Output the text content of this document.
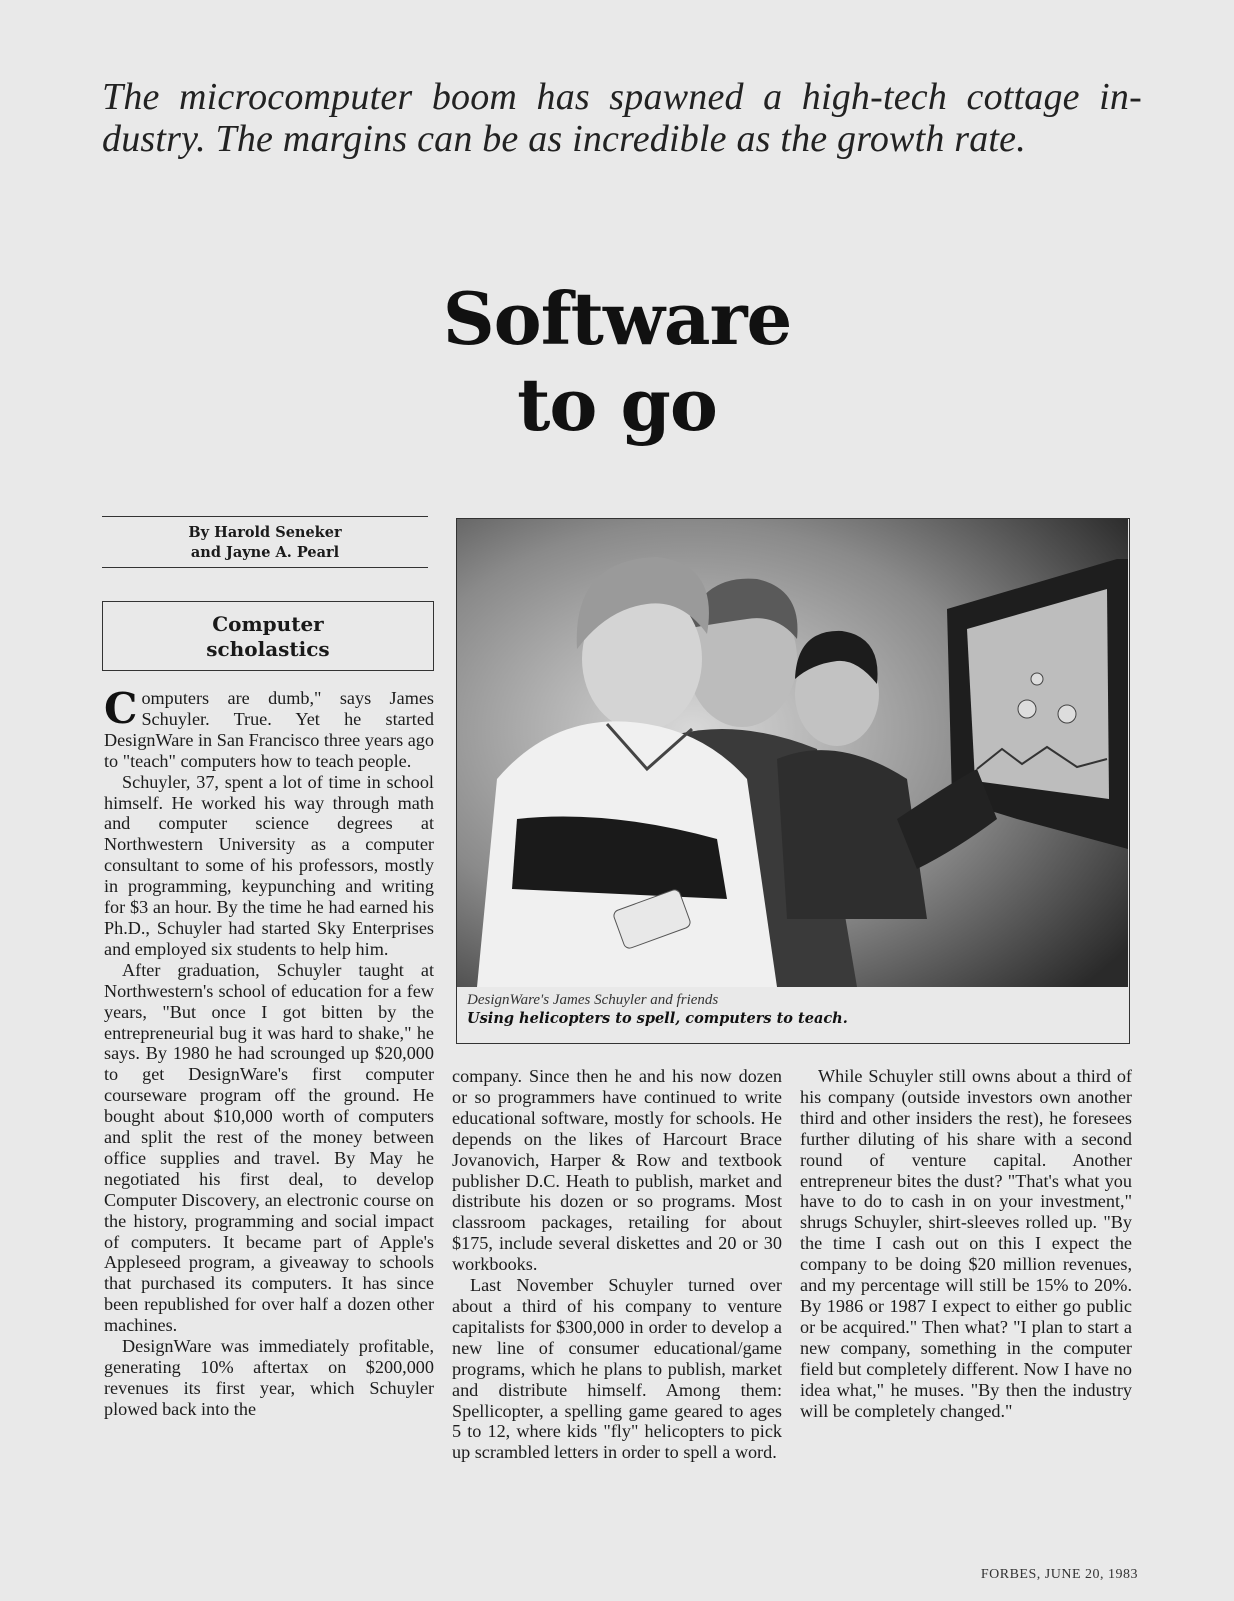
The microcomputer boom has spawned a high-tech cottage in-dustry. The margins can be as incredible as the growth rate.
Software
to go
By Harold Seneker
and Jayne A. Pearl
Computer
scholastics

Computers are dumb," says James Schuyler. True. Yet he started DesignWare in San Francisco three years ago to "teach" computers how to teach people.

Schuyler, 37, spent a lot of time in school himself. He worked his way through math and computer science degrees at Northwestern University as a computer consultant to some of his professors, mostly in programming, keypunching and writing for $3 an hour. By the time he had earned his Ph.D., Schuyler had started Sky Enterprises and employed six students to help him.

After graduation, Schuyler taught at Northwestern's school of education for a few years, "But once I got bitten by the entrepreneurial bug it was hard to shake," he says. By 1980 he had scrounged up $20,000 to get DesignWare's first computer courseware program off the ground. He bought about $10,000 worth of computers and split the rest of the money between office supplies and travel. By May he negotiated his first deal, to develop Computer Discovery, an electronic course on the history, programming and social impact of computers. It became part of Apple's Appleseed program, a giveaway to schools that purchased its computers. It has since been republished for over half a dozen other machines.

DesignWare was immediately profitable, generating 10% aftertax on $200,000 revenues its first year, which Schuyler plowed back into the

DesignWare's James Schuyler and friends
Using helicopters to spell, computers to teach.

company. Since then he and his now dozen or so programmers have continued to write educational software, mostly for schools. He depends on the likes of Harcourt Brace Jovanovich, Harper & Row and textbook publisher D.C. Heath to publish, market and distribute his dozen or so programs. Most classroom packages, retailing for about $175, include several diskettes and 20 or 30 workbooks.

Last November Schuyler turned over about a third of his company to venture capitalists for $300,000 in order to develop a new line of consumer educational/game programs, which he plans to publish, market and distribute himself. Among them: Spellicopter, a spelling game geared to ages 5 to 12, where kids "fly" helicopters to pick up scrambled letters in order to spell a word.

While Schuyler still owns about a third of his company (outside investors own another third and other insiders the rest), he foresees further diluting of his share with a second round of venture capital. Another entrepreneur bites the dust? "That's what you have to do to cash in on your investment," shrugs Schuyler, shirt-sleeves rolled up. "By the time I cash out on this I expect the company to be doing $20 million revenues, and my percentage will still be 15% to 20%. By 1986 or 1987 I expect to either go public or be acquired." Then what? "I plan to start a new company, something in the computer field but completely different. Now I have no idea what," he muses. "By then the industry will be completely changed."

FORBES, JUNE 20, 1983
